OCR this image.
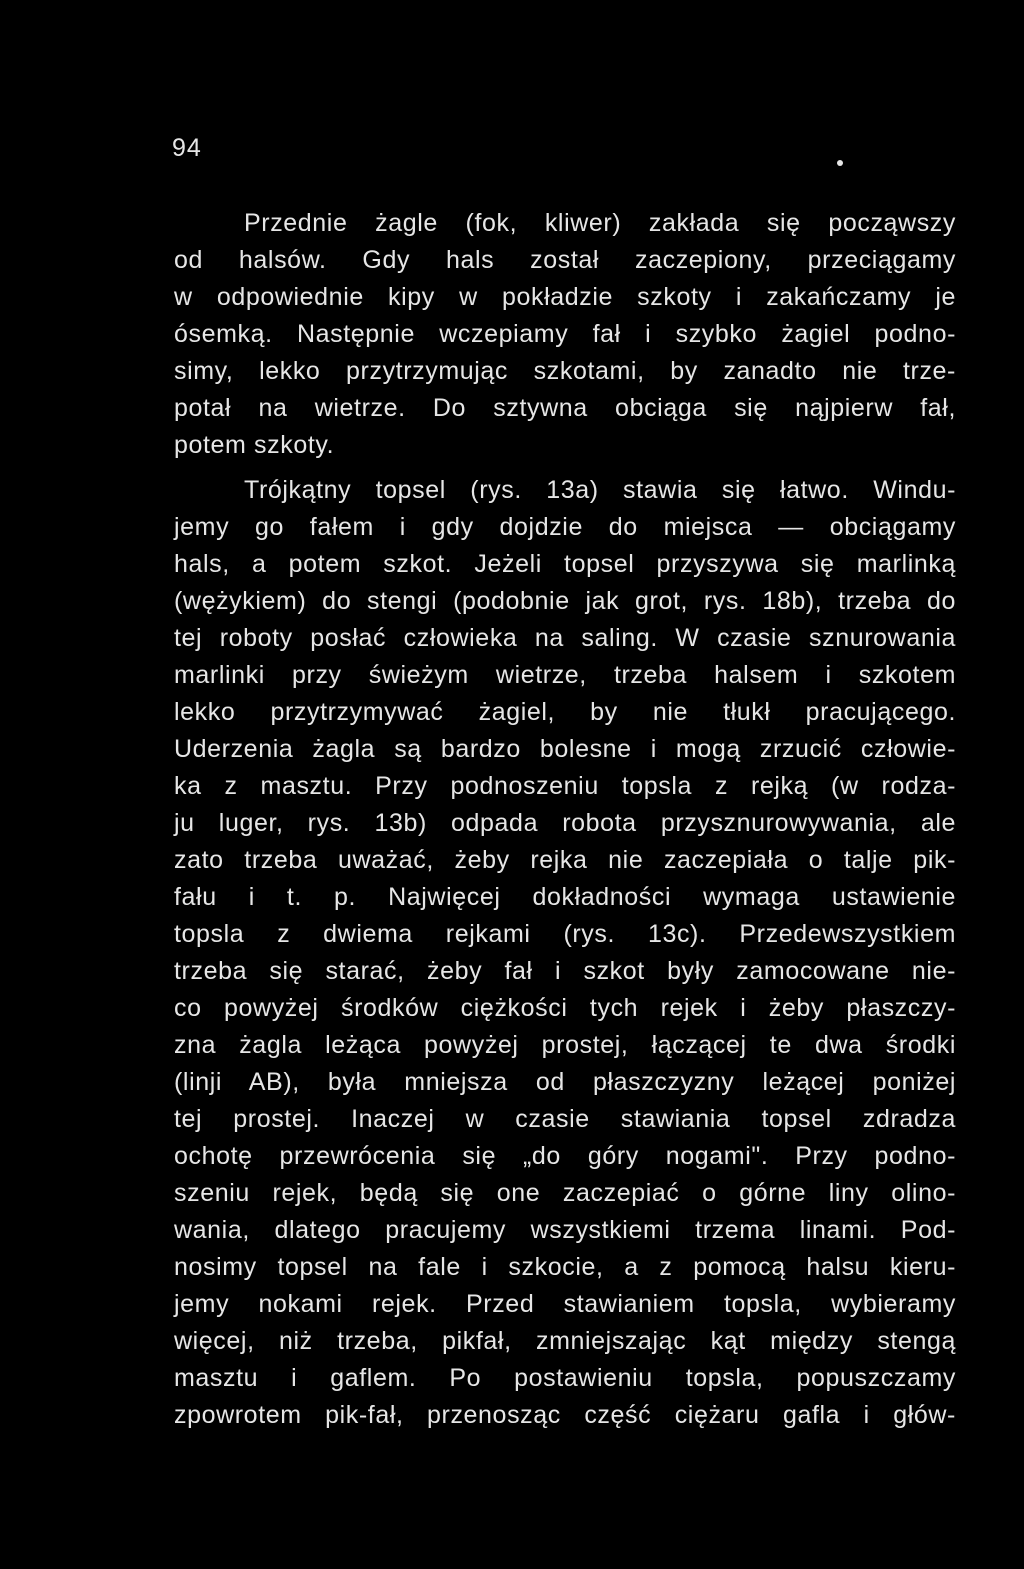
94
Przednie żagle (fok, kliwer) zakłada się począwszy
od halsów. Gdy hals został zaczepiony, przeciągamy
w odpowiednie kipy w pokładzie szkoty i zakańczamy je
ósemką. Następnie wczepiamy fał i szybko żagiel podno-
simy, lekko przytrzymując szkotami, by zanadto nie trze-
potał na wietrze. Do sztywna obciąga się nąjpierw fał,
potem szkoty.
Trójkątny topsel (rys. 13a) stawia się łatwo. Windu-
jemy go fałem i gdy dojdzie do miejsca — obciągamy
hals, a potem szkot. Jeżeli topsel przyszywa się marlinką
(wężykiem) do stengi (podobnie jak grot, rys. 18b), trzeba do
tej roboty posłać człowieka na saling. W czasie sznurowania
marlinki przy świeżym wietrze, trzeba halsem i szkotem
lekko przytrzymywać żagiel, by nie tłukł pracującego.
Uderzenia żagla są bardzo bolesne i mogą zrzucić człowie-
ka z masztu. Przy podnoszeniu topsla z rejką (w rodza-
ju luger, rys. 13b) odpada robota przysznurowywania, ale
zato trzeba uważać, żeby rejka nie zaczepiała o talje pik-
fału i t. p. Najwięcej dokładności wymaga ustawienie
topsla z dwiema rejkami (rys. 13c). Przedewszystkiem
trzeba się starać, żeby fał i szkot były zamocowane nie-
co powyżej środków ciężkości tych rejek i żeby płaszczy-
zna żagla leżąca powyżej prostej, łączącej te dwa środki
(linji AB), była mniejsza od płaszczyzny leżącej poniżej
tej prostej. Inaczej w czasie stawiania topsel zdradza
ochotę przewrócenia się „do góry nogami". Przy podno-
szeniu rejek, będą się one zaczepiać o górne liny olino-
wania, dlatego pracujemy wszystkiemi trzema linami. Pod-
nosimy topsel na fale i szkocie, a z pomocą halsu kieru-
jemy nokami rejek. Przed stawianiem topsla, wybieramy
więcej, niż trzeba, pikfał, zmniejszając kąt między stengą
masztu i gaflem. Po postawieniu topsla, popuszczamy
zpowrotem pik-fał, przenosząc część ciężaru gafla i głów-
